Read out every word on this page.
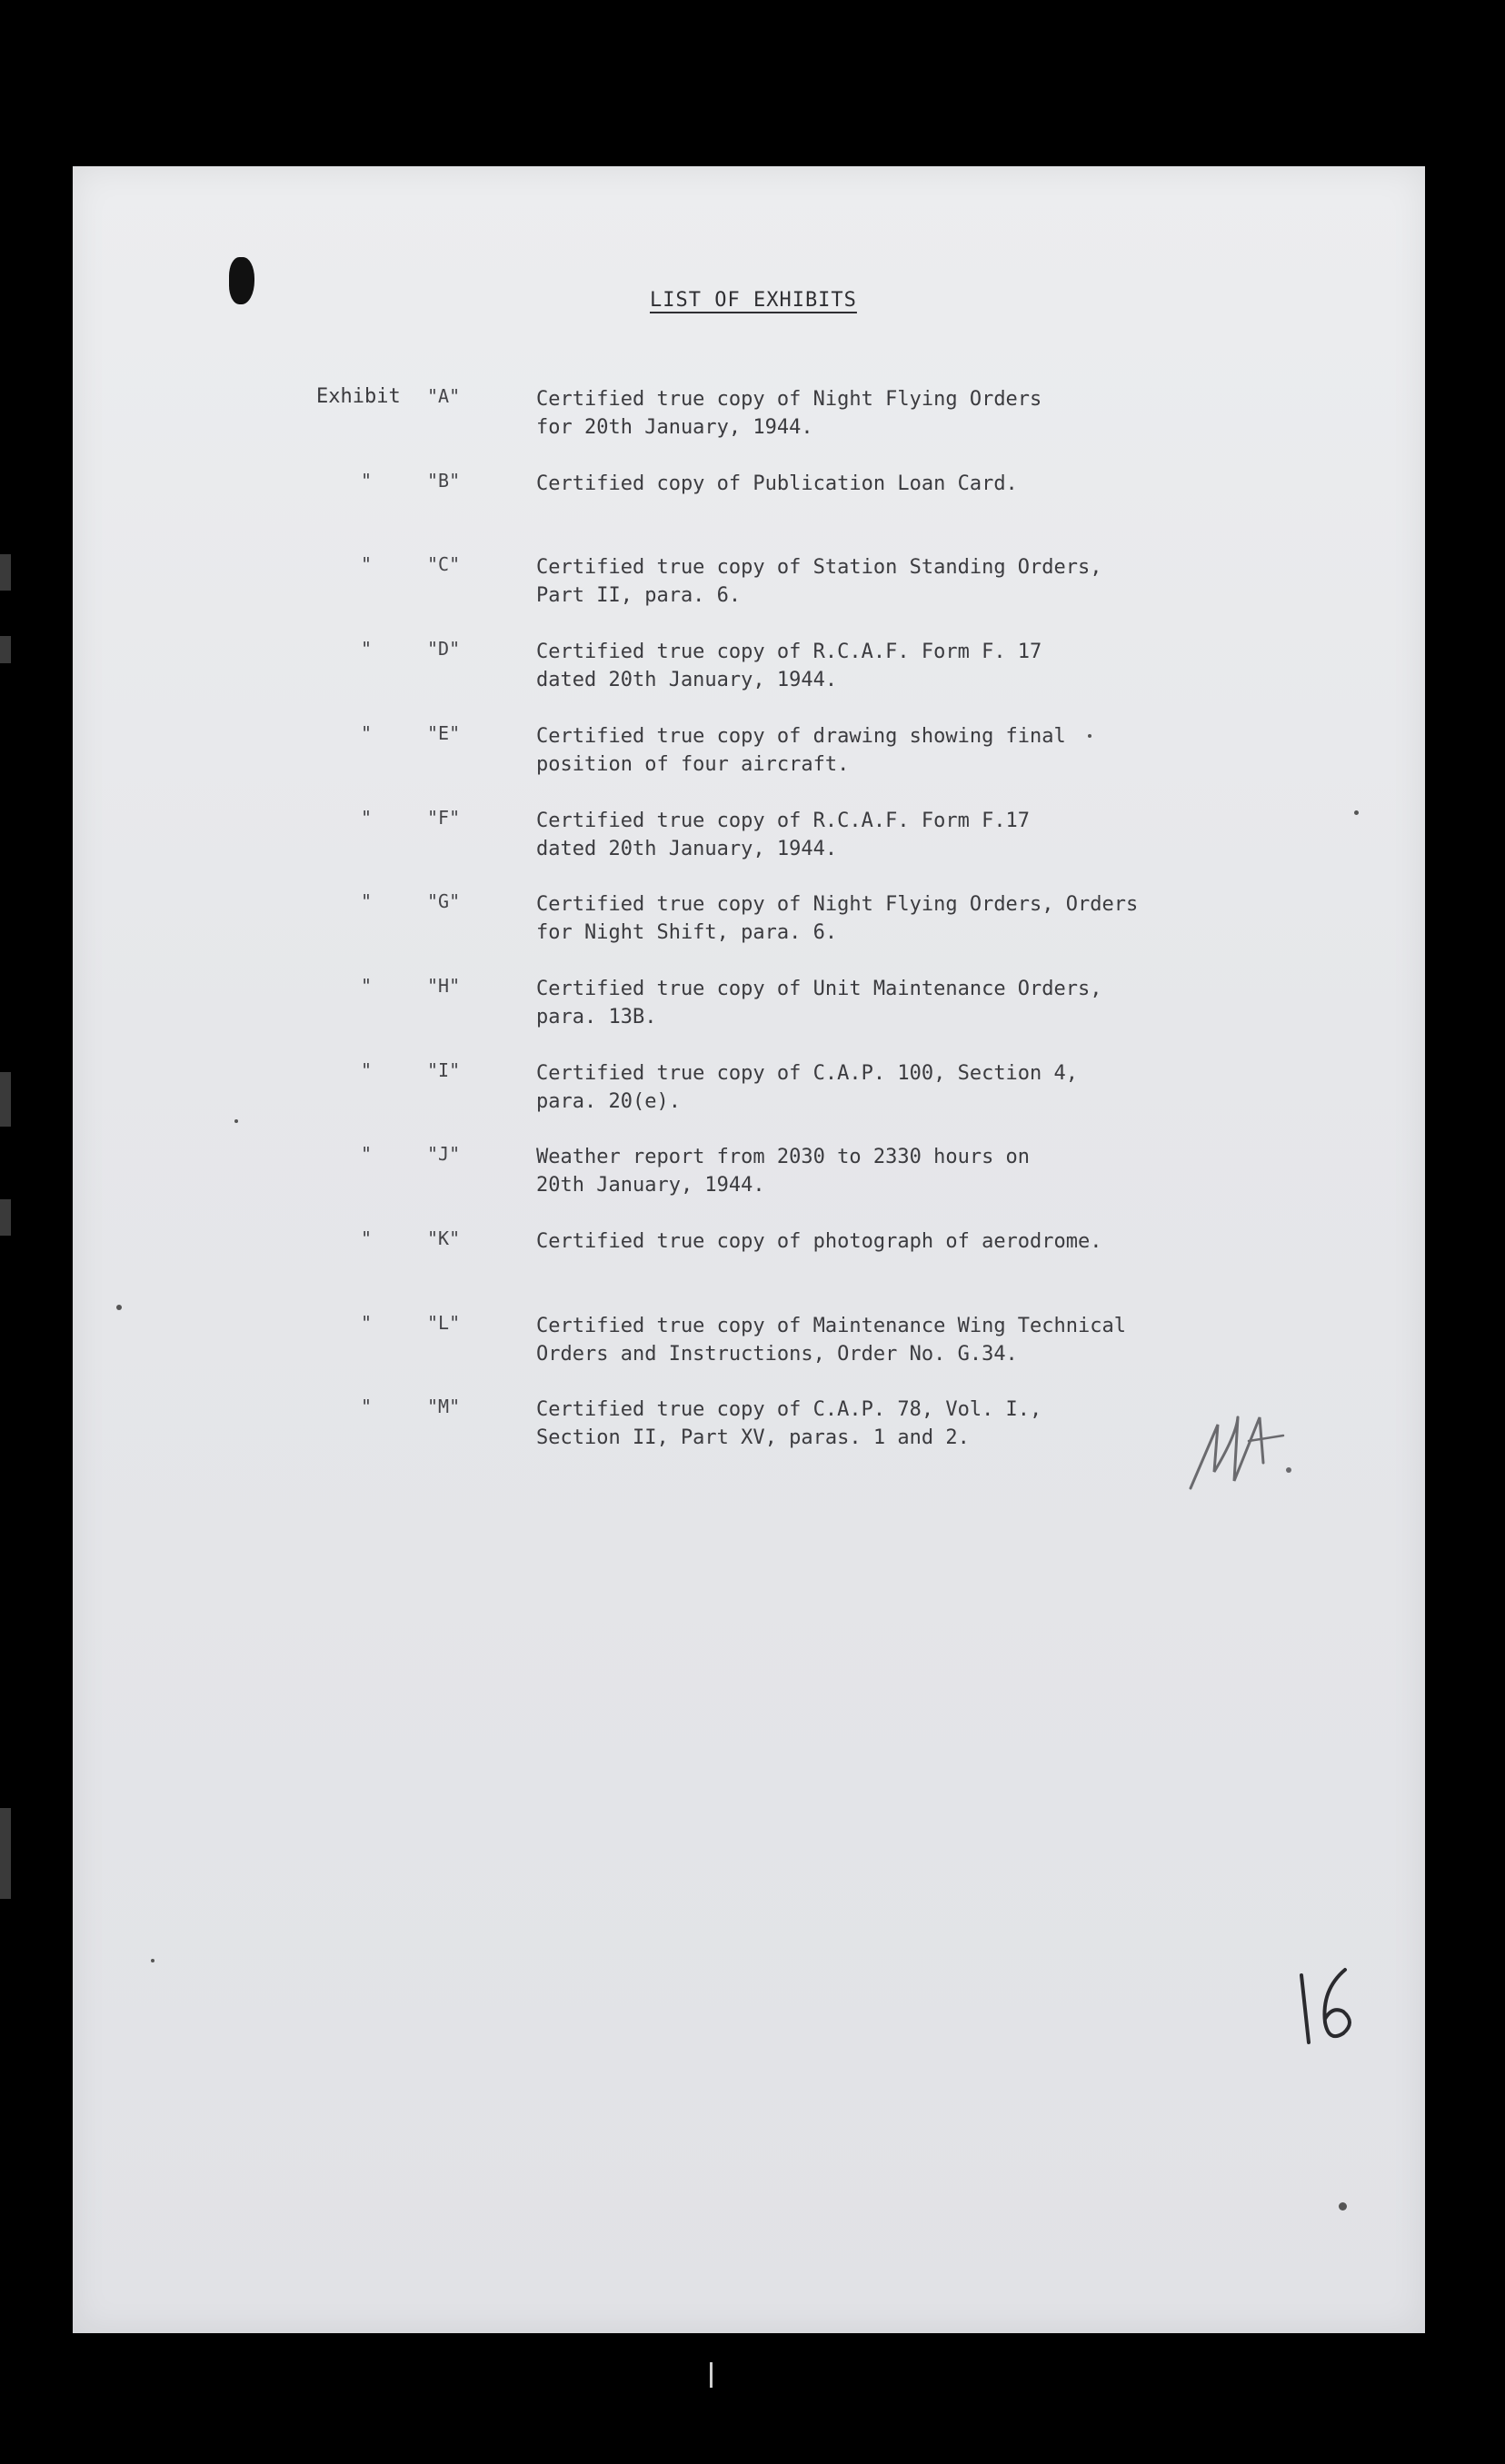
LIST OF EXHIBITS
Exhibit "A"	Certified true copy of Night Flying Orders
for 20th January, 1944.
"	"B"	Certified copy of Publication Loan Card.
"	"C"	Certified true copy of Station Standing Orders,
Part II, para. 6.
"	"D"	Certified true copy of R.C.A.F. Form F. 17
dated 20th January, 1944.
"	"E"	Certified true copy of drawing showing final
position of four aircraft.
"	"F"	Certified true copy of R.C.A.F. Form F.17
dated 20th January, 1944.
"	"G"	Certified true copy of Night Flying Orders, Orders
for Night Shift, para. 6.
"	"H"	Certified true copy of Unit Maintenance Orders,
para. 13B.
"	"I"	Certified true copy of C.A.P. 100, Section 4,
para. 20(e).
"	"J"	Weather report from 2030 to 2330 hours on
20th January, 1944.
"	"K"	Certified true copy of photograph of aerodrome.
"	"L"	Certified true copy of Maintenance Wing Technical
Orders and Instructions, Order No. G.34.
"	"M"	Certified true copy of C.A.P. 78, Vol. I.,
Section II, Part XV, paras. 1 and 2.
